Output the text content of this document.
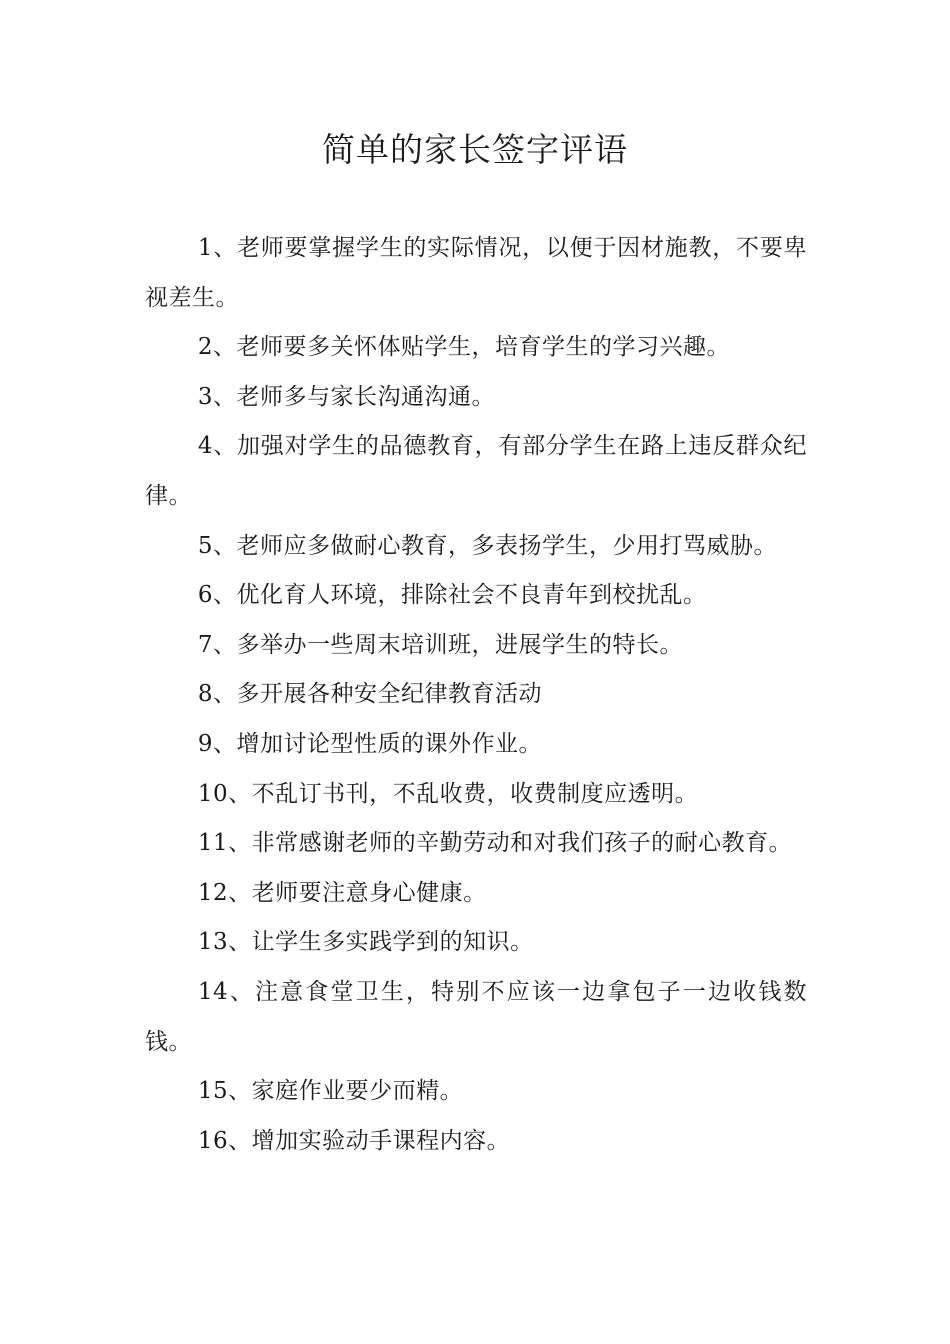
简单的家长签字评语

1、老师要掌握学生的实际情况，以便于因材施教，不要卑视差生。

2、老师要多关怀体贴学生，培育学生的学习兴趣。

3、老师多与家长沟通沟通。

4、加强对学生的品德教育，有部分学生在路上违反群众纪律。

5、老师应多做耐心教育，多表扬学生，少用打骂威胁。

6、优化育人环境，排除社会不良青年到校扰乱。

7、多举办一些周末培训班，进展学生的特长。

8、多开展各种安全纪律教育活动

9、增加讨论型性质的课外作业。

10、不乱订书刊，不乱收费，收费制度应透明。

11、非常感谢老师的辛勤劳动和对我们孩子的耐心教育。

12、老师要注意身心健康。

13、让学生多实践学到的知识。

14、注意食堂卫生，特别不应该一边拿包子一边收钱数钱。

15、家庭作业要少而精。

16、增加实验动手课程内容。
